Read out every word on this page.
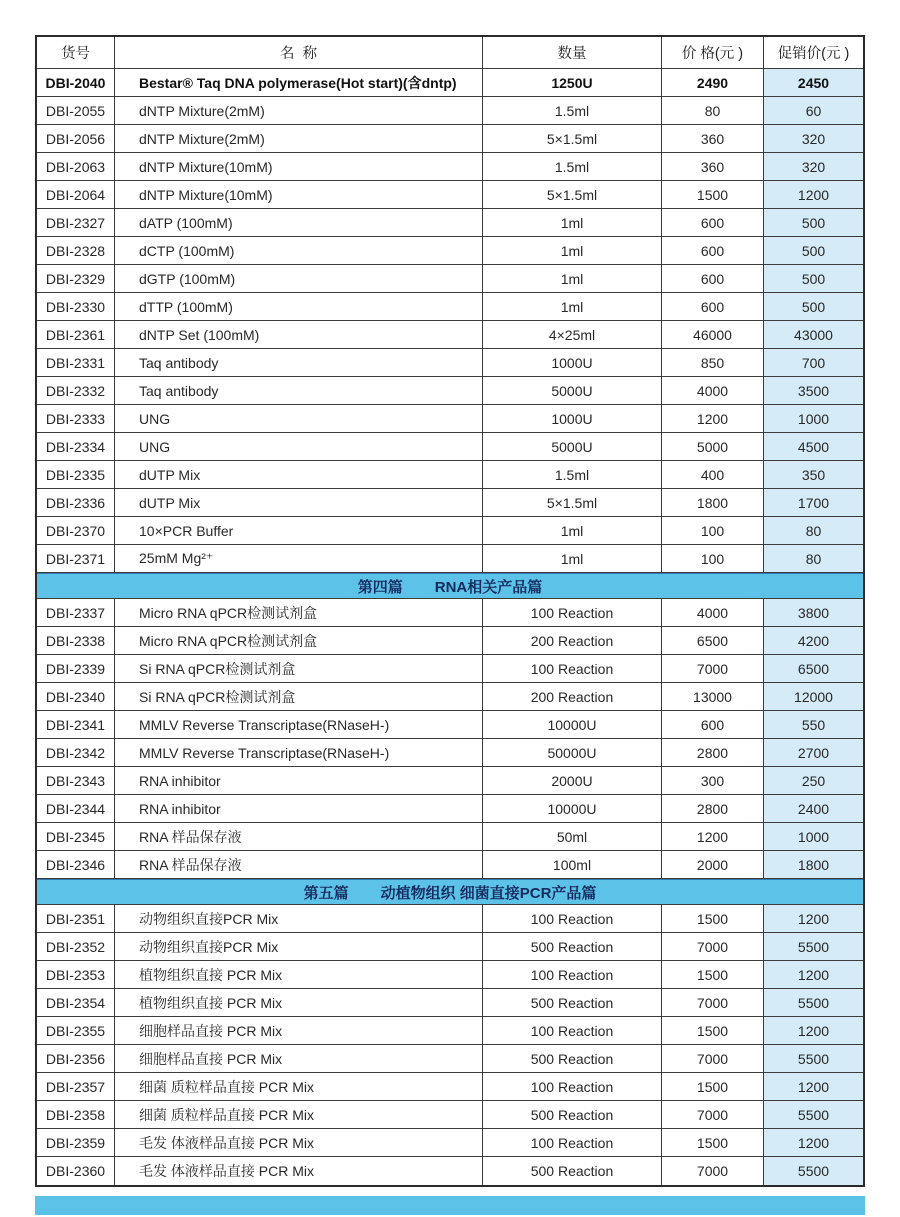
货号	名  称	数量	价 格(元 )	促销价(元 )
DBI-2040	Bestar® Taq DNA polymerase(Hot start)(含dntp)	1250U	2490	2450
DBI-2055	dNTP Mixture(2mM)	1.5ml	80	60
DBI-2056	dNTP Mixture(2mM)	5×1.5ml	360	320
DBI-2063	dNTP Mixture(10mM)	1.5ml	360	320
DBI-2064	dNTP Mixture(10mM)	5×1.5ml	1500	1200
DBI-2327	dATP (100mM)	1ml	600	500
DBI-2328	dCTP (100mM)	1ml	600	500
DBI-2329	dGTP (100mM)	1ml	600	500
DBI-2330	dTTP (100mM)	1ml	600	500
DBI-2361	dNTP Set (100mM)	4×25ml	46000	43000
DBI-2331	Taq antibody	1000U	850	700
DBI-2332	Taq antibody	5000U	4000	3500
DBI-2333	UNG	1000U	1200	1000
DBI-2334	UNG	5000U	5000	4500
DBI-2335	dUTP Mix	1.5ml	400	350
DBI-2336	dUTP Mix	5×1.5ml	1800	1700
DBI-2370	10×PCR Buffer	1ml	100	80
DBI-2371	25mM Mg²⁺	1ml	100	80
第四篇 RNA相关产品篇
DBI-2337	Micro RNA qPCR检测试剂盒	100 Reaction	4000	3800
DBI-2338	Micro RNA qPCR检测试剂盒	200 Reaction	6500	4200
DBI-2339	Si RNA qPCR检测试剂盒	100 Reaction	7000	6500
DBI-2340	Si RNA qPCR检测试剂盒	200 Reaction	13000	12000
DBI-2341	MMLV Reverse Transcriptase(RNaseH-)	10000U	600	550
DBI-2342	MMLV Reverse Transcriptase(RNaseH-)	50000U	2800	2700
DBI-2343	RNA inhibitor	2000U	300	250
DBI-2344	RNA inhibitor	10000U	2800	2400
DBI-2345	RNA 样品保存液	50ml	1200	1000
DBI-2346	RNA 样品保存液	100ml	2000	1800
第五篇 动植物组织 细菌直接PCR产品篇
DBI-2351	动物组织直接PCR Mix	100 Reaction	1500	1200
DBI-2352	动物组织直接PCR Mix	500 Reaction	7000	5500
DBI-2353	植物组织直接 PCR Mix	100 Reaction	1500	1200
DBI-2354	植物组织直接 PCR Mix	500 Reaction	7000	5500
DBI-2355	细胞样品直接 PCR Mix	100 Reaction	1500	1200
DBI-2356	细胞样品直接 PCR Mix	500 Reaction	7000	5500
DBI-2357	细菌 质粒样品直接 PCR Mix	100 Reaction	1500	1200
DBI-2358	细菌 质粒样品直接 PCR Mix	500 Reaction	7000	5500
DBI-2359	毛发 体液样品直接 PCR Mix	100 Reaction	1500	1200
DBI-2360	毛发 体液样品直接 PCR Mix	500 Reaction	7000	5500
